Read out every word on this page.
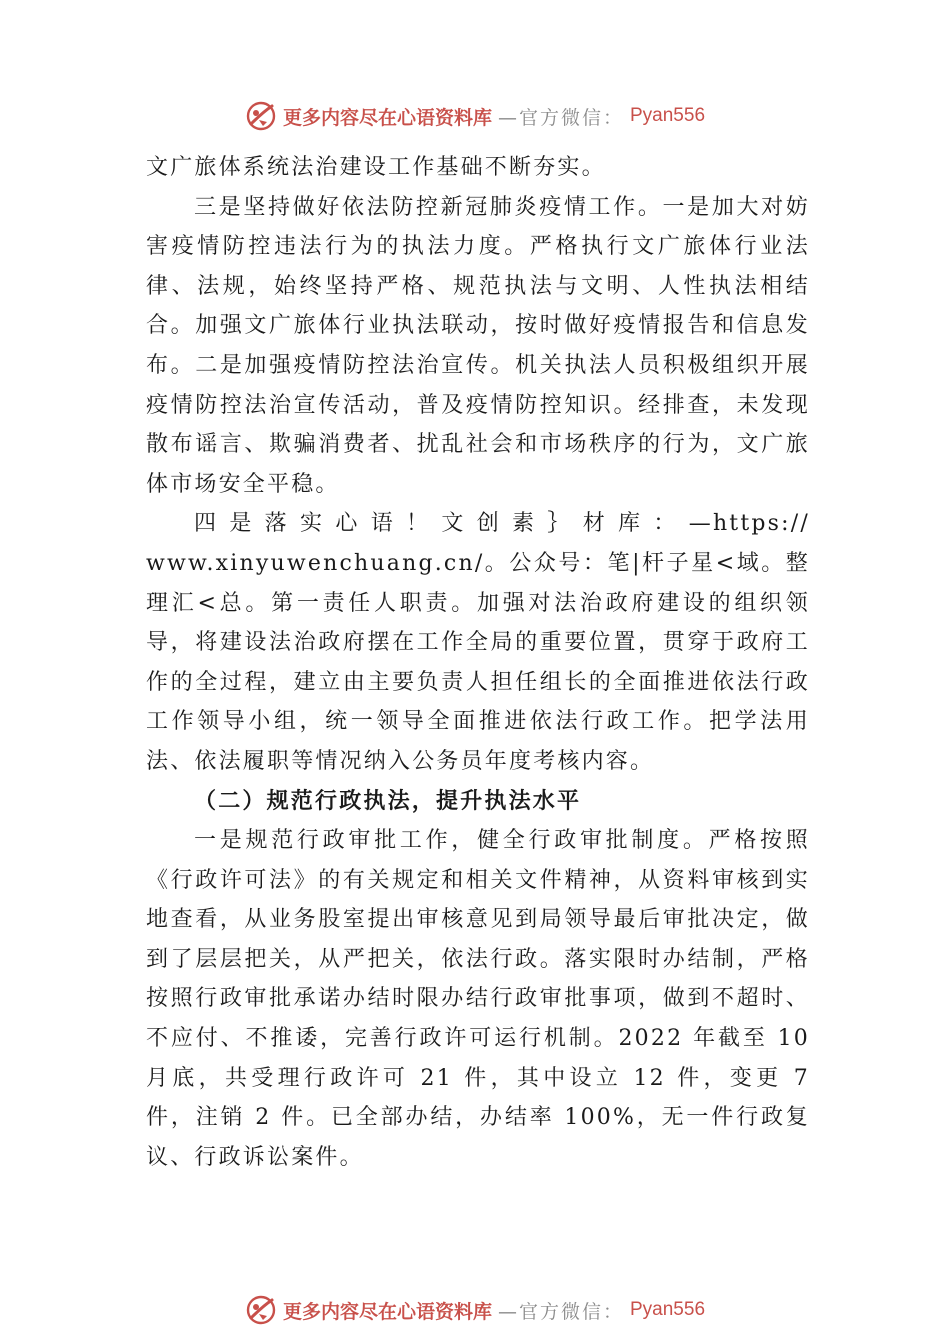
更多内容尽在心语资料库 —官方微信： Pyan556

文广旅体系统法治建设工作基础不断夯实。

三是坚持做好依法防控新冠肺炎疫情工作。一是加大对妨害疫情防控违法行为的执法力度。严格执行文广旅体行业法律、法规，始终坚持严格、规范执法与文明、人性执法相结合。加强文广旅体行业执法联动，按时做好疫情报告和信息发布。二是加强疫情防控法治宣传。机关执法人员积极组织开展疫情防控法治宣传活动，普及疫情防控知识。经排查，未发现散布谣言、欺骗消费者、扰乱社会和市场秩序的行为，文广旅体市场安全平稳。

四是落实心语！文创素｝材库：—https://

www.xinyuwenchuang.cn/。公众号：笔|杆子星<域。整理汇<总。第一责任人职责。加强对法治政府建设的组织领导，将建设法治政府摆在工作全局的重要位置，贯穿于政府工作的全过程，建立由主要负责人担任组长的全面推进依法行政工作领导小组，统一领导全面推进依法行政工作。把学法用法、依法履职等情况纳入公务员年度考核内容。

（二）规范行政执法，提升执法水平

一是规范行政审批工作，健全行政审批制度。严格按照《行政许可法》的有关规定和相关文件精神，从资料审核到实地查看，从业务股室提出审核意见到局领导最后审批决定，做到了层层把关，从严把关，依法行政。落实限时办结制，严格按照行政审批承诺办结时限办结行政审批事项，做到不超时、不应付、不推诿，完善行政许可运行机制。2022 年截至 10 月底，共受理行政许可 21 件，其中设立 12 件，变更 7 件，注销 2 件。已全部办结，办结率 100%，无一件行政复议、行政诉讼案件。

更多内容尽在心语资料库 —官方微信： Pyan556
